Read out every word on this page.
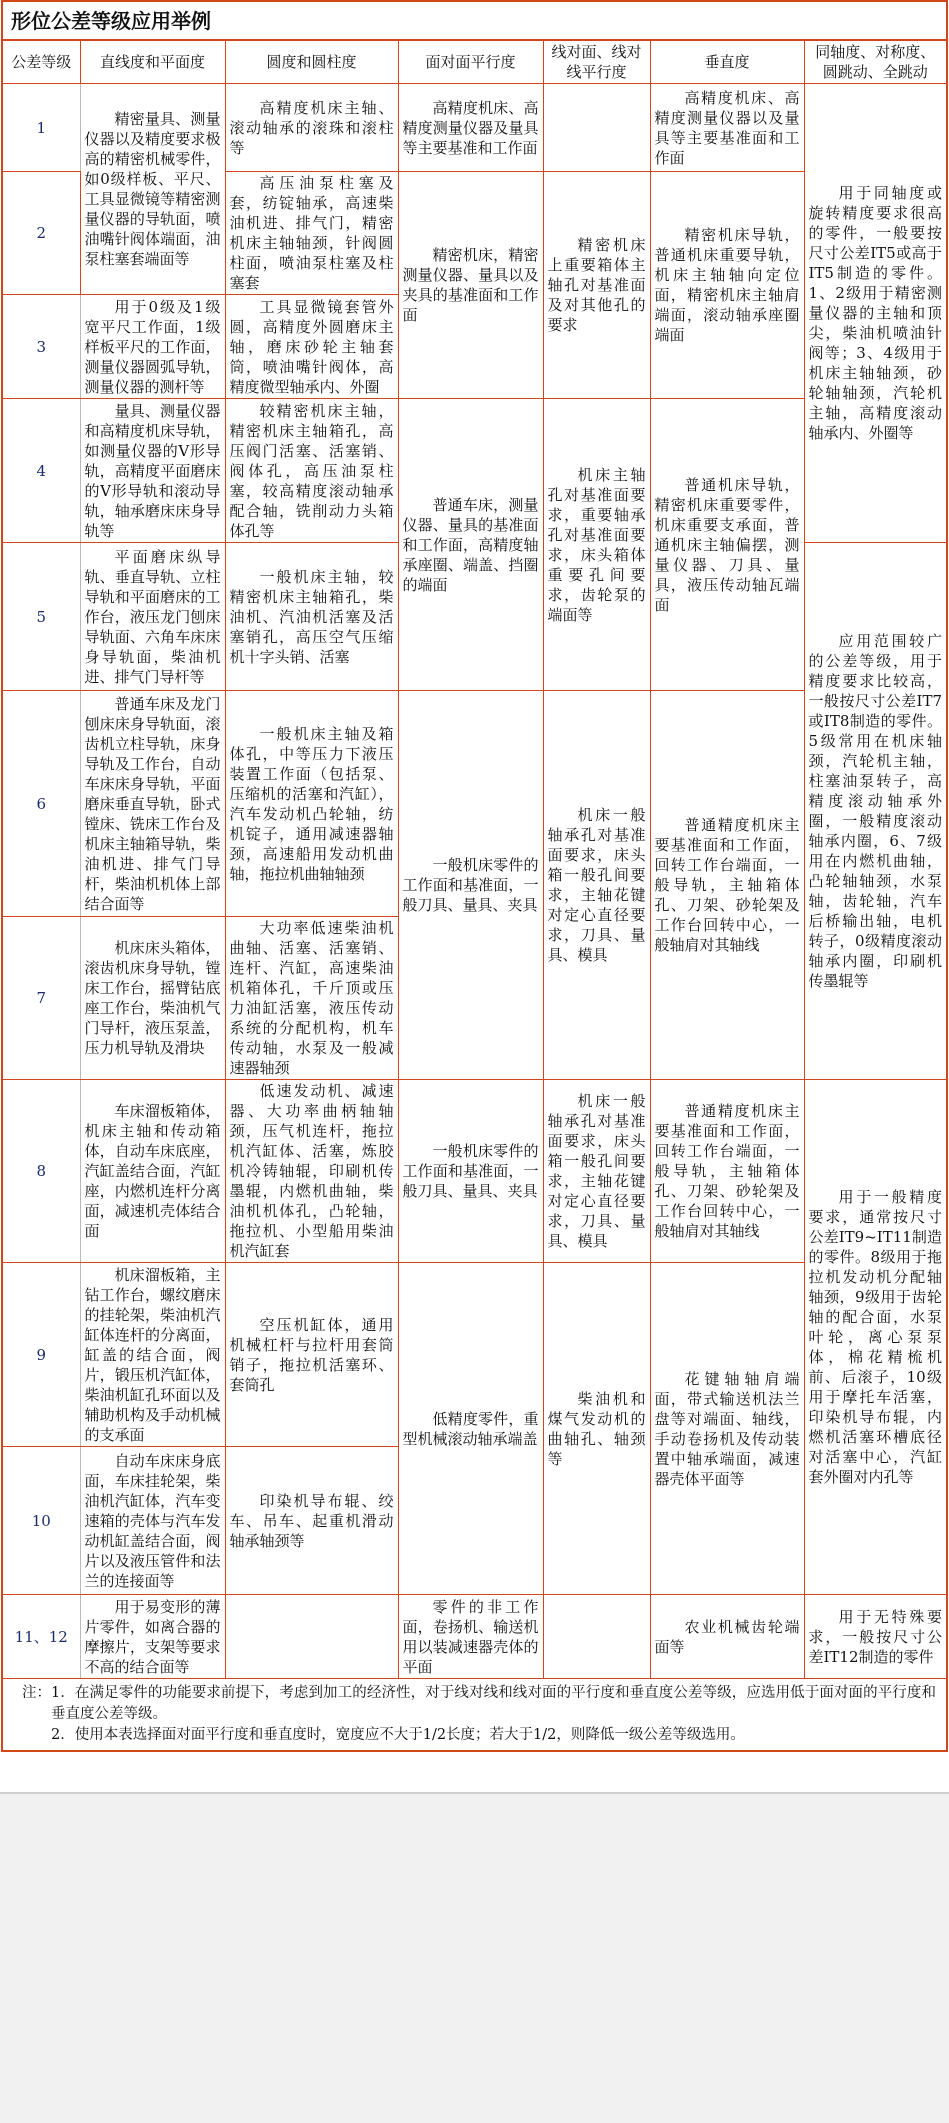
形位公差等级应用举例						
公差等级	直线度和平面度	圆度和圆柱度	面对面平行度	线对面、线对线平行度	垂直度	同轴度、对称度、圆跳动、全跳动
1	精密量具、测量仪器以及精度要求极高的精密机械零件，如0级样板、平尺、工具显微镜等精密测量仪器的导轨面，喷油嘴针阀体端面，油泵柱塞套端面等	高精度机床主轴、滚动轴承的滚珠和滚柱等	高精度机床、高精度测量仪器及量具等主要基准和工作面		高精度机床、高精度测量仪器以及量具等主要基准面和工作面	用于同轴度或旋转精度要求很高的零件，一般要按尺寸公差IT5或高于IT5制造的零件。1、2级用于精密测量仪器的主轴和顶尖，柴油机喷油针阀等；3、4级用于机床主轴轴颈，砂轮轴轴颈，汽轮机主轴，高精度滚动轴承内、外圈等

2		高压油泵柱塞及套，纺锭轴承，高速柴油机进、排气门，精密机床主轴轴颈，针阀圆柱面，喷油泵柱塞及柱塞套	精密机床，精密测量仪器、量具以及夹具的基准面和工作面	精密机床上重要箱体主轴孔对基准面及对其他孔的要求	精密机床导轨，普通机床重要导轨，机床主轴轴向定位面，精密机床主轴肩端面，滚动轴承座圈端面	

3	用于0级及1级宽平尺工作面，1级样板平尺的工作面，测量仪器圆弧导轨，测量仪器的测杆等	工具显微镜套管外圆，高精度外圆磨床主轴，磨床砂轮主轴套筒，喷油嘴针阀体，高精度微型轴承内、外圈				

4	量具、测量仪器和高精度机床导轨，如测量仪器的V形导轨，高精度平面磨床的V形导轨和滚动导轨，轴承磨床床身导轨等	较精密机床主轴，精密机床主轴箱孔，高压阀门活塞、活塞销、阀体孔，高压油泵柱塞，较高精度滚动轴承配合轴，铣削动力头箱体孔等	普通车床，测量仪器、量具的基准面和工作面，高精度轴承座圈、端盖、挡圈的端面	机床主轴孔对基准面要求，重要轴承孔对基准面要求，床头箱体重要孔间要求，齿轮泵的端面等	普通机床导轨，精密机床重要零件，机床重要支承面，普通机床主轴偏摆，测量仪器、刀具、量具，液压传动轴瓦端面	

5	平面磨床纵导轨、垂直导轨、立柱导轨和平面磨床的工作台，液压龙门刨床导轨面、六角车床床身导轨面，柴油机进、排气门导杆等	一般机床主轴，较精密机床主轴箱孔，柴油机、汽油机活塞及活塞销孔，高压空气压缩机十字头销、活塞				应用范围较广的公差等级，用于精度要求比较高，一般按尺寸公差IT7或IT8制造的零件。5级常用在机床轴颈，汽轮机主轴，柱塞油泵转子，高精度滚动轴承外圈，一般精度滚动轴承内圈，6、7级用在内燃机曲轴，凸轮轴轴颈，水泵轴，齿轮轴，汽车后桥输出轴，电机转子，0级精度滚动轴承内圈，印刷机传墨辊等

6	普通车床及龙门刨床床身导轨面，滚齿机立柱导轨，床身导轨及工作台，自动车床床身导轨，平面磨床垂直导轨，卧式镗床、铣床工作台及机床主轴箱导轨，柴油机进、排气门导杆，柴油机机体上部结合面等	一般机床主轴及箱体孔，中等压力下液压装置工作面（包括泵、压缩机的活塞和汽缸），汽车发动机凸轮轴，纺机锭子，通用减速器轴颈，高速船用发动机曲轴，拖拉机曲轴轴颈	一般机床零件的工作面和基准面，一般刀具、量具、夹具	机床一般轴承孔对基准面要求，床头箱一般孔间要求，主轴花键对定心直径要求，刀具、量具、模具	普通精度机床主要基准面和工作面，回转工作台端面，一般导轨，主轴箱体孔、刀架、砂轮架及工作台回转中心，一般轴肩对其轴线	

7	机床床头箱体，滚齿机床身导轨，镗床工作台，摇臂钻底座工作台，柴油机气门导杆，液压泵盖，压力机导轨及滑块	大功率低速柴油机曲轴、活塞、活塞销、连杆、汽缸，高速柴油机箱体孔，千斤顶或压力油缸活塞，液压传动系统的分配机构，机车传动轴，水泵及一般减速器轴颈				

8	车床溜板箱体，机床主轴和传动箱体，自动车床底座，汽缸盖结合面，汽缸座，内燃机连杆分离面，减速机壳体结合面	低速发动机、减速器、大功率曲柄轴轴颈，压气机连杆，拖拉机汽缸体、活塞，炼胶机冷铸轴辊，印刷机传墨辊，内燃机曲轴，柴油机机体孔，凸轮轴，拖拉机、小型船用柴油机汽缸套	一般机床零件的工作面和基准面，一般刀具、量具、夹具	机床一般轴承孔对基准面要求，床头箱一般孔间要求，主轴花键对定心直径要求，刀具、量具、模具	普通精度机床主要基准面和工作面，回转工作台端面，一般导轨，主轴箱体孔、刀架、砂轮架及工作台回转中心，一般轴肩对其轴线	用于一般精度要求，通常按尺寸公差IT9~IT11制造的零件。8级用于拖拉机发动机分配轴轴颈，9级用于齿轮轴的配合面，水泵叶轮，离心泵泵体，棉花精梳机前、后滚子，10级用于摩托车活塞，印染机导布辊，内燃机活塞环槽底径对活塞中心，汽缸套外圈对内孔等

9	机床溜板箱，主钻工作台，螺纹磨床的挂轮架，柴油机汽缸体连杆的分离面，缸盖的结合面，阀片，锻压机汽缸体，柴油机缸孔环面以及辅助机构及手动机械的支承面	空压机缸体，通用机械杠杆与拉杆用套筒销子，拖拉机活塞环、套筒孔	低精度零件，重型机械滚动轴承端盖	柴油机和煤气发动机的曲轴孔、轴颈等	花键轴轴肩端面，带式输送机法兰盘等对端面、轴线，手动卷扬机及传动装置中轴承端面，减速器壳体平面等	

10	自动车床床身底面，车床挂轮架，柴油机汽缸体，汽车变速箱的壳体与汽车发动机缸盖结合面，阀片以及液压管件和法兰的连接面等	印染机导布辊、绞车、吊车、起重机滑动轴承轴颈等				

11、12	用于易变形的薄片零件，如离合器的摩擦片，支架等要求不高的结合面等		零件的非工作面，卷扬机、输送机用以装减速器壳体的平面		农业机械齿轮端面等	用于无特殊要求，一般按尺寸公差IT12制造的零件

注： 1．在满足零件的功能要求前提下，考虑到加工的经济性，对于线对线和线对面的平行度和垂直度公差等级，应选用低于面对面的平行度和垂直度公差等级。
2．使用本表选择面对面平行度和垂直度时，宽度应不大于1/2长度；若大于1/2，则降低一级公差等级选用。						
